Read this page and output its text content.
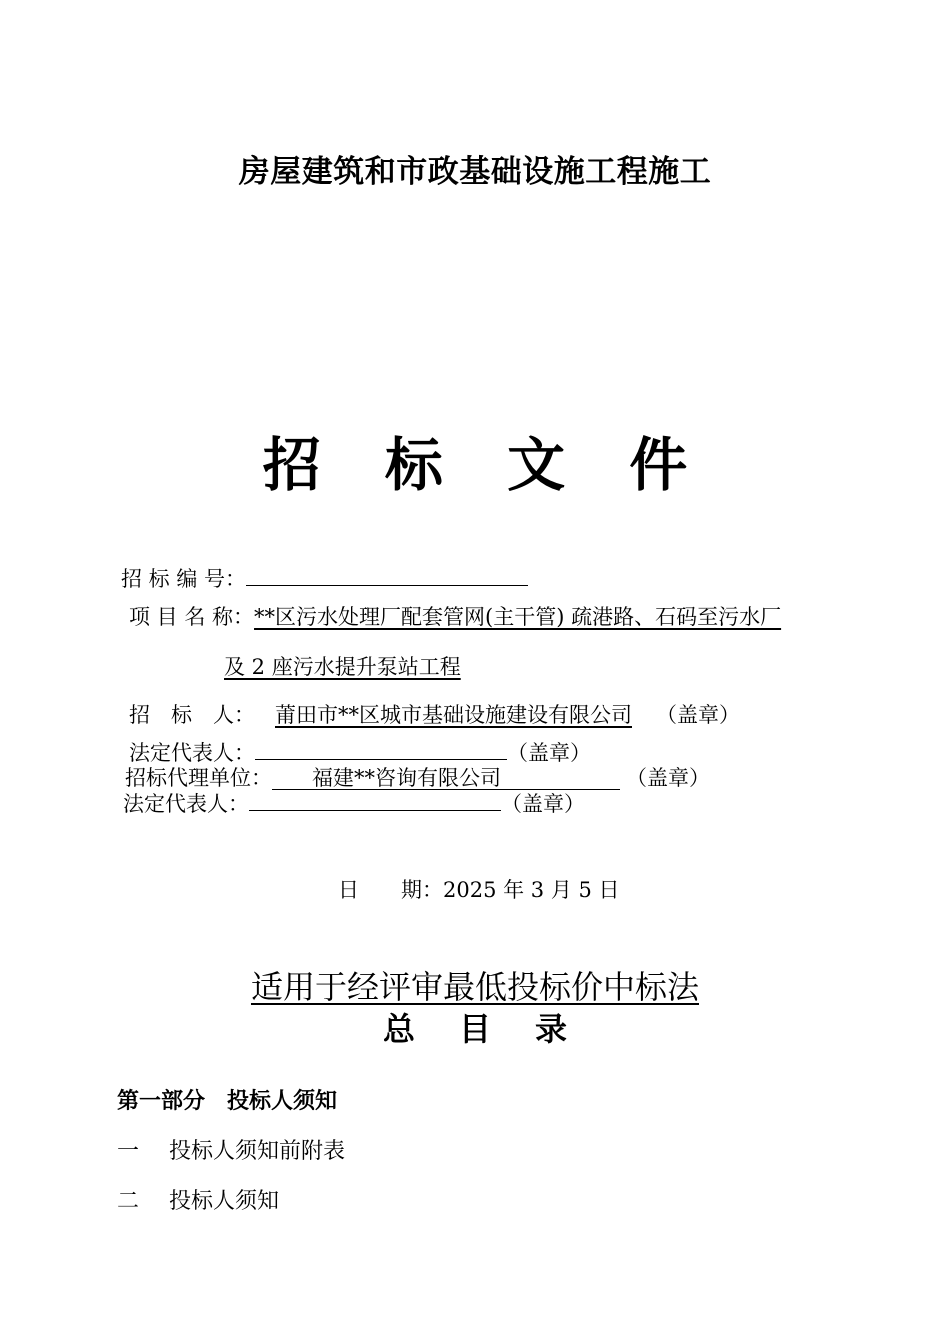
房屋建筑和市政基础设施工程施工
招 标 文 件
招 标 编 号：
项 目 名 称：**区污水处理厂配套管网(主干管) 疏港路、石码至污水厂
及 2 座污水提升泵站工程
招　标　人： 莆田市**区城市基础设施建设有限公司 （盖章）
法定代表人：	（盖章）
招标代理单位： 福建**咨询有限公司	（盖章）
法定代表人：	（盖章）
日　　期：2025 年 3 月 5 日
适用于经评审最低投标价中标法
总 目 录
第一部分　投标人须知
一 投标人须知前附表
二 投标人须知
